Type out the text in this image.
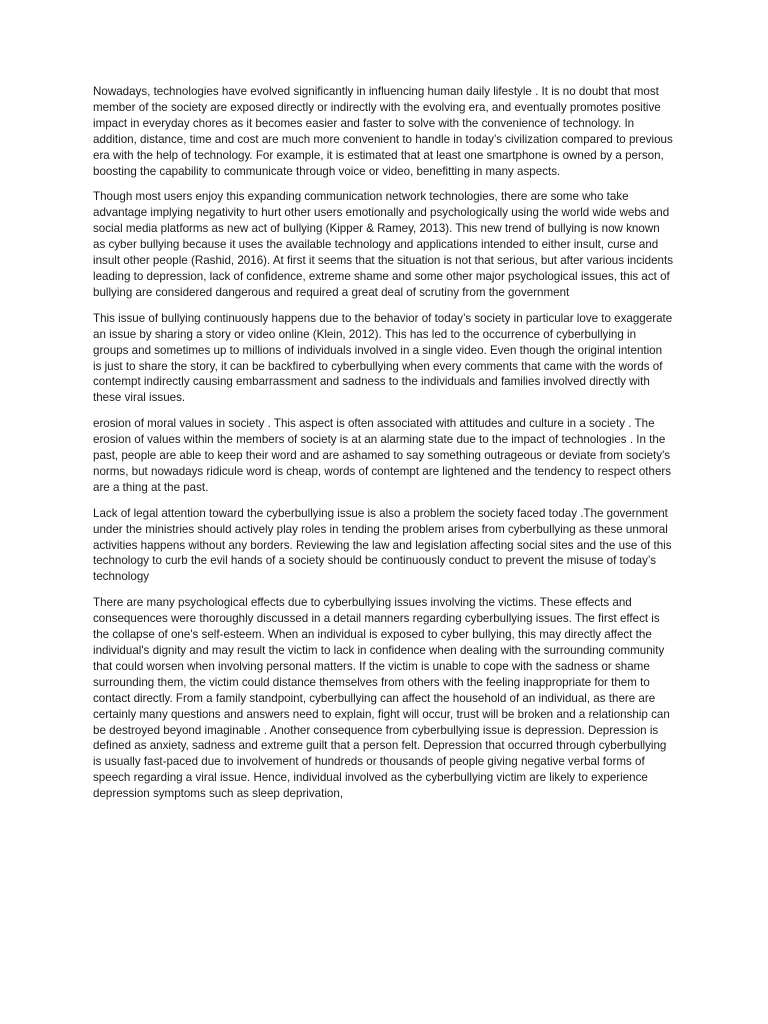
Nowadays, technologies have evolved significantly in influencing human daily lifestyle . It is no doubt that most member of the society are exposed directly or indirectly with the evolving era, and eventually promotes positive impact in everyday chores as it becomes easier and faster to solve with the convenience of technology. In addition, distance, time and cost are much more convenient to handle in today’s civilization compared to previous era with the help of technology. For example, it is estimated that at least one smartphone is owned by a person, boosting the capability to communicate through voice or video, benefitting in many aspects.

Though most users enjoy this expanding communication network technologies, there are some who take advantage implying negativity to hurt other users emotionally and psychologically using the world wide webs and social media platforms as new act of bullying (Kipper & Ramey, 2013). This new trend of bullying is now known as cyber bullying because it uses the available technology and applications intended to either insult, curse and insult other people (Rashid, 2016). At first it seems that the situation is not that serious, but after various incidents leading to depression, lack of confidence, extreme shame and some other major psychological issues, this act of bullying are considered dangerous and required a great deal of scrutiny from the government

This issue of bullying continuously happens due to the behavior of today’s society in particular love to exaggerate an issue by sharing a story or video online (Klein, 2012). This has led to the occurrence of cyberbullying in groups and sometimes up to millions of individuals involved in a single video. Even though the original intention is just to share the story, it can be backfired to cyberbullying when every comments that came with the words of contempt indirectly causing embarrassment and sadness to the individuals and families involved directly with these viral issues.

erosion of moral values in society . This aspect is often associated with attitudes and culture in a society . The erosion of values within the members of society is at an alarming state due to the impact of technologies . In the past, people are able to keep their word and are ashamed to say something outrageous or deviate from society's norms, but nowadays ridicule word is cheap, words of contempt are lightened and the tendency to respect others are a thing at the past.

Lack of legal attention toward the cyberbullying issue is also a problem the society faced today .The government under the ministries should actively play roles in tending the problem arises from cyberbullying as these unmoral activities happens without any borders. Reviewing the law and legislation affecting social sites and the use of this technology to curb the evil hands of a society should be continuously conduct to prevent the misuse of today’s technology

There are many psychological effects due to cyberbullying issues involving the victims. These effects and consequences were thoroughly discussed in a detail manners regarding cyberbullying issues. The first effect is the collapse of one's self-esteem. When an individual is exposed to cyber bullying, this may directly affect the individual's dignity and may result the victim to lack in confidence when dealing with the surrounding community that could worsen when involving personal matters. If the victim is unable to cope with the sadness or shame surrounding them, the victim could distance themselves from others with the feeling inappropriate for them to contact directly. From a family standpoint, cyberbullying can affect the household of an individual, as there are certainly many questions and answers need to explain, fight will occur, trust will be broken and a relationship can be destroyed beyond imaginable . Another consequence from cyberbullying issue is depression. Depression is defined as anxiety, sadness and extreme guilt that a person felt. Depression that occurred through cyberbullying is usually fast-paced due to involvement of hundreds or thousands of people giving negative verbal forms of speech regarding a viral issue. Hence, individual involved as the cyberbullying victim are likely to experience depression symptoms such as sleep deprivation,
